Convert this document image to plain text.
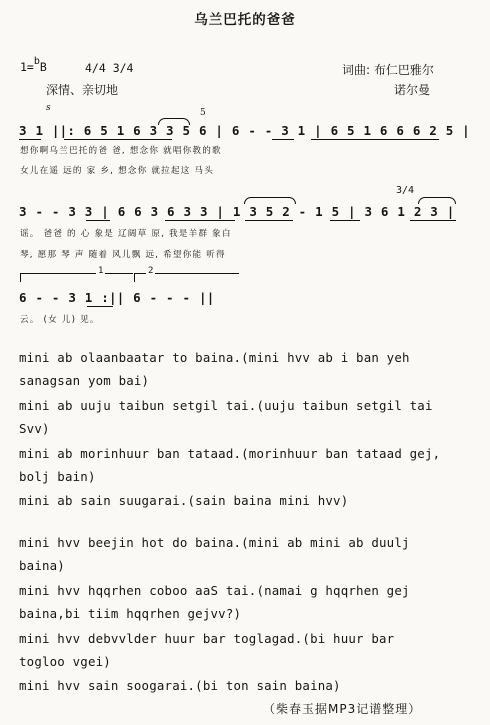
乌兰巴托的爸爸
1=bB	4/4 3/4	词曲: 布仁巴雅尔
深情、亲切地	诺尔曼
s	5
3 1 ||: 6 5 1 6 3 3 5 6 | 6 - - 3 1 | 6 5 1 6 6 6 2 5 |
想你啊乌兰巴托的爸 爸, 想念你 就唱你教的歌
女儿在遥 远的 家 乡, 想念你 就拉起这 马头
3/4
3 - - 3 3 | 6 6 3 6 3 3 | 1 3 5 2 - 1 5 | 3 6 1 2 3 |
谣。 爸爸 的 心 象是 辽阔草 原, 我是羊群 象白
琴, 愿那 琴 声 随着 风儿飘 远, 希望你能 听得
1	2
6 - - 3 1 :|| 6 - - - ||
云。 (女 儿) 见。
mini ab olaanbaatar to baina.(mini hvv ab i ban yeh
sanagsan yom bai)
mini ab uuju taibun setgil tai.(uuju taibun setgil tai
Svv)
mini ab morinhuur ban tataad.(morinhuur ban tataad gej,
bolj bain)
mini ab sain suugarai.(sain baina mini hvv)
mini hvv beejin hot do baina.(mini ab mini ab duulj
baina)
mini hvv hqqrhen coboo aaS tai.(namai g hqqrhen gej
baina,bi tiim hqqrhen gejvv?)
mini hvv debvvlder huur bar toglagad.(bi huur bar
togloo vgei)
mini hvv sain soogarai.(bi ton sain baina)
（柴春玉据MP3记谱整理）
